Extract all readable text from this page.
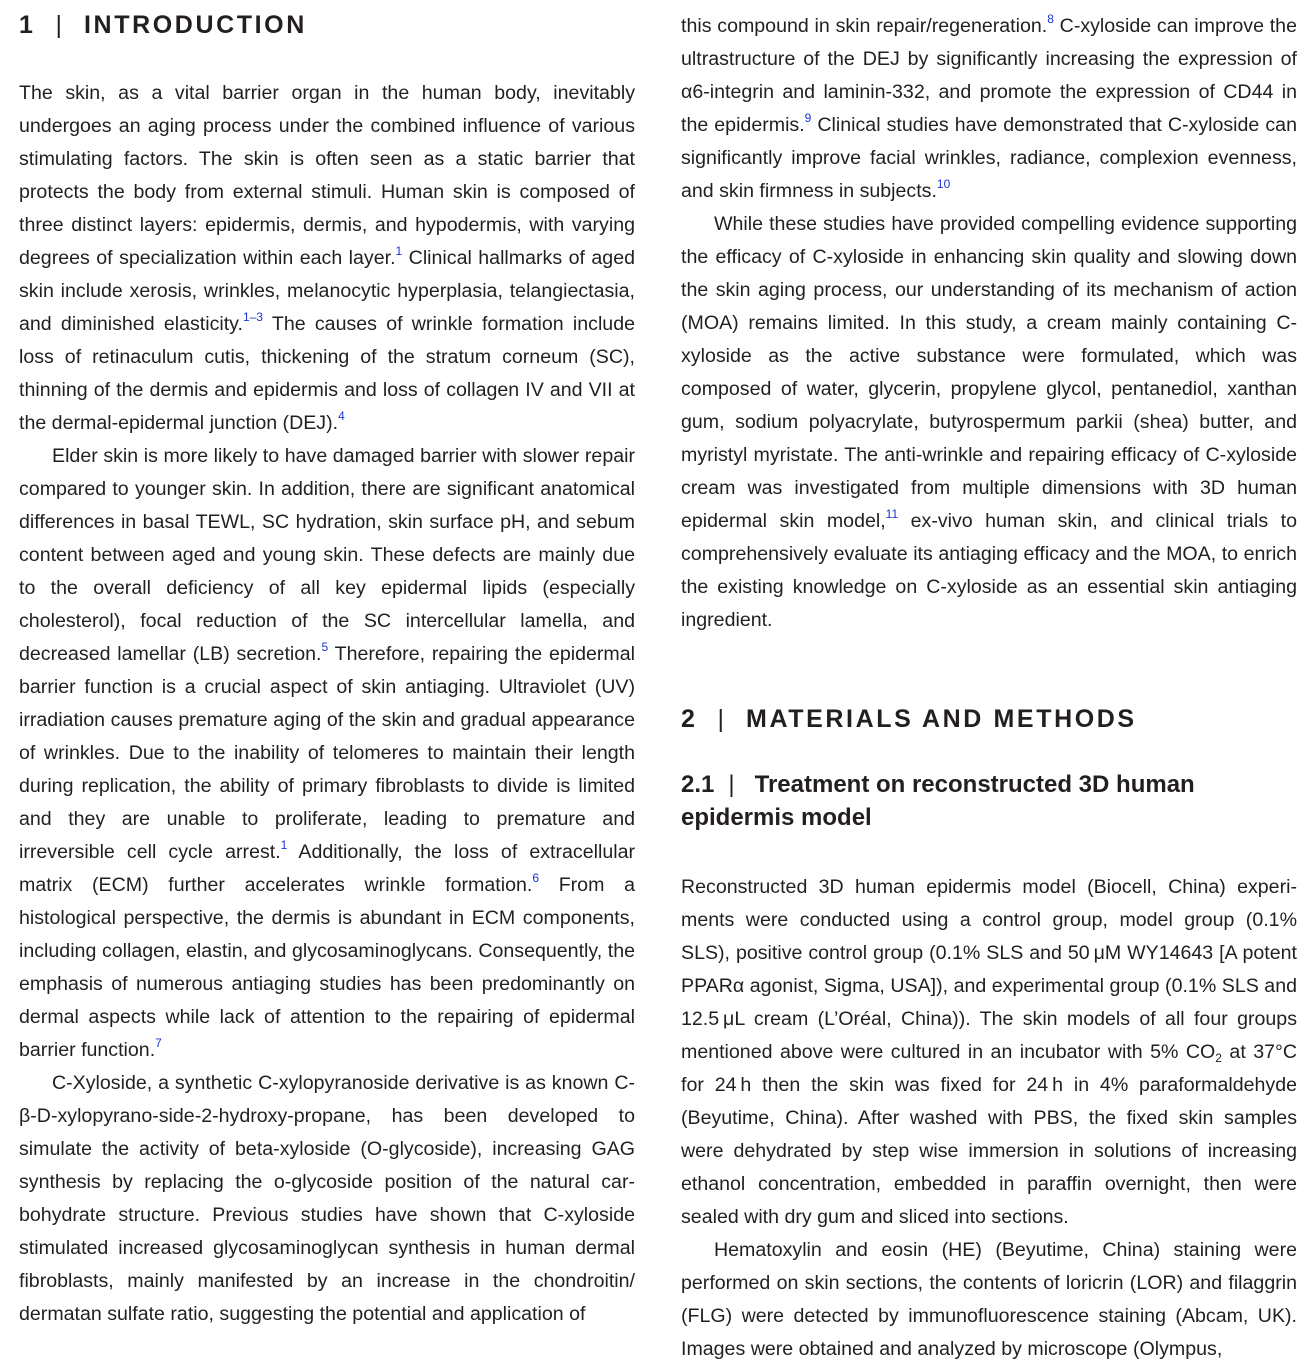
1 | INTRODUCTION

The skin, as a vital barrier organ in the human body, inevitably undergoes an aging process under the combined influence of various stimulating factors. The skin is often seen as a static barrier that protects the body from external stimuli. Human skin is composed of three distinct layers: epidermis, dermis, and hypodermis, with varying degrees of specialization within each layer.$^1$ Clinical hallmarks of aged skin include xerosis, wrinkles, melanocytic hyperplasia, telangiectasia, and diminished elasticity.$^{1-3}$ The causes of wrinkle formation include loss of retinaculum cutis, thickening of the stratum corneum (SC), thinning of the dermis and epidermis and loss of collagen IV and VII at the dermal-epidermal junction (DEJ).$^4$

Elder skin is more likely to have damaged barrier with slower repair compared to younger skin. In addition, there are significant anatomical differences in basal TEWL, SC hydration, skin surface pH, and sebum content between aged and young skin. These defects are mainly due to the overall deficiency of all key epidermal lipids (especially cholesterol), focal reduction of the SC intercellular lamella, and decreased lamellar (LB) secretion.$^5$ Therefore, repairing the epidermal barrier function is a crucial aspect of skin antiaging. Ultraviolet (UV) irradiation causes premature aging of the skin and gradual appearance of wrinkles. Due to the inability of telomeres to maintain their length during replication, the ability of primary fibroblasts to divide is limited and they are unable to proliferate, leading to premature and irreversible cell cycle arrest.$^1$ Additionally, the loss of extracellular matrix (ECM) further accelerates wrinkle formation.$^6$ From a histological perspective, the dermis is abundant in ECM components, including collagen, elastin, and glycosaminoglycans. Consequently, the emphasis of numerous antiaging studies has been predominantly on dermal aspects while lack of attention to the repairing of epidermal barrier function.$^7$

C-Xyloside, a synthetic C-xylopyranoside derivative is as known C-β-D-xylopyrano-side-2-hydroxy-propane, has been developed to simulate the activity of beta-xyloside (O-glycoside), increasing GAG synthesis by replacing the o-glycoside position of the natural carbohydrate structure. Previous studies have shown that C-xyloside stimulated increased glycosaminoglycan synthesis in human dermal fibroblasts, mainly manifested by an increase in the chondroitin/​dermatan sulfate ratio, suggesting the potential and application of

this compound in skin repair/regeneration.$^8$ C-xyloside can improve the ultrastructure of the DEJ by significantly increasing the expression of α6-integrin and laminin-332, and promote the expression of CD44 in the epidermis.$^9$ Clinical studies have demonstrated that C-xyloside can significantly improve facial wrinkles, radiance, complexion evenness, and skin firmness in subjects.$^{10}$

While these studies have provided compelling evidence supporting the efficacy of C-xyloside in enhancing skin quality and slowing down the skin aging process, our understanding of its mechanism of action (MOA) remains limited. In this study, a cream mainly containing C-xyloside as the active substance were formulated, which was composed of water, glycerin, propylene glycol, pentanediol, xanthan gum, sodium polyacrylate, butyrospermum parkii (shea) butter, and myristyl myristate. The anti-wrinkle and repairing efficacy of C-​xyloside cream was investigated from multiple dimensions with 3D human epidermal skin model,$^{11}$ ex-vivo human skin, and clinical trials to comprehensively evaluate its antiaging efficacy and the MOA, to enrich the existing knowledge on C-xyloside as an essential skin antiaging ingredient.

2 | MATERIALS AND METHODS
2.1 | Treatment on reconstructed 3D human epidermis model

Reconstructed 3D human epidermis model (Biocell, China) experiments were conducted using a control group, model group (0.1% SLS), positive control group (0.1% SLS and 50 μM WY14643 [A potent PPARα agonist, Sigma, USA]), and experimental group (0.1% SLS and 12.5 μL cream (L’Oréal, China)). The skin models of all four groups mentioned above were cultured in an incubator with 5% $CO_2$ at 37°C for 24 h then the skin was fixed for 24 h in 4% paraformaldehyde (Beyutime, China). After washed with PBS, the fixed skin samples were dehydrated by step wise immersion in solutions of increasing ethanol concentration, embedded in paraffin overnight, then were sealed with dry gum and sliced into sections.

Hematoxylin and eosin (HE) (Beyutime, China) staining were performed on skin sections, the contents of loricrin (LOR) and filaggrin (FLG) were detected by immunofluorescence staining (Abcam, UK). Images were obtained and analyzed by microscope (Olympus,
